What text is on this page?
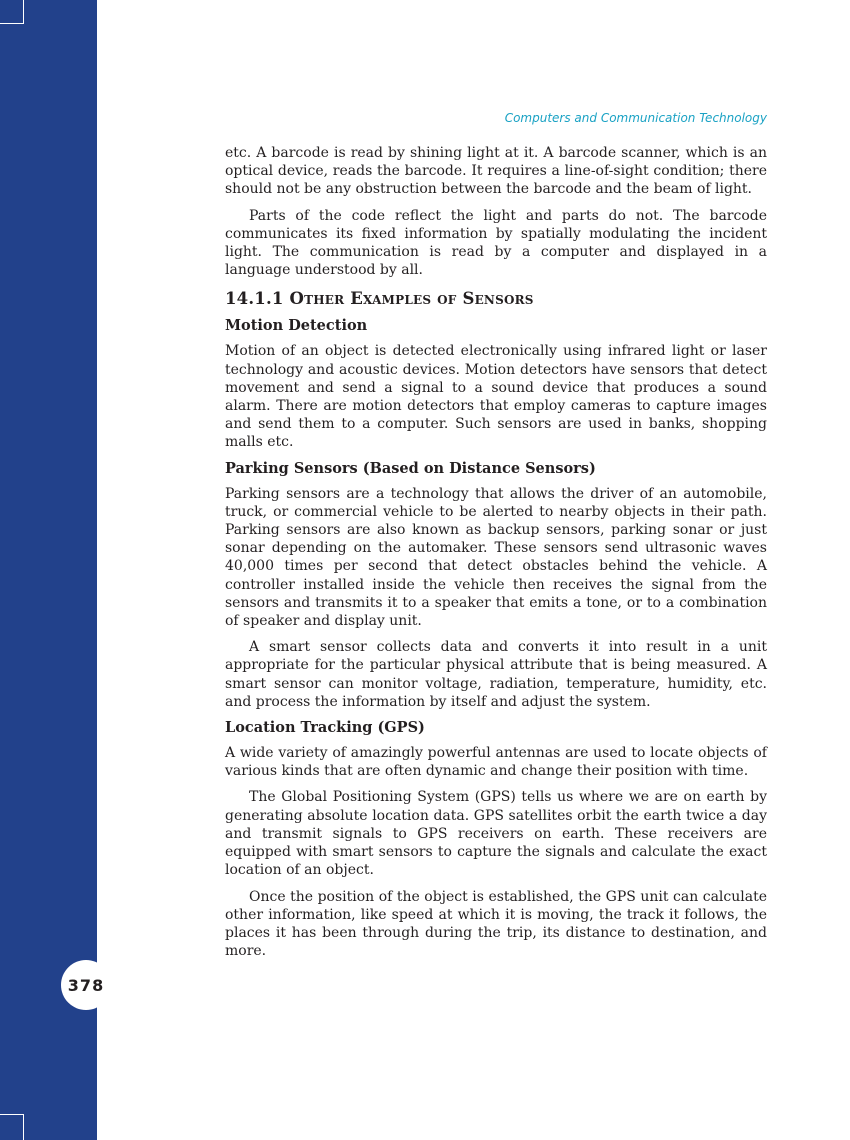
378
Computers and Communication Technology

etc. A barcode is read by shining light at it. A barcode scanner, which is an optical device, reads the barcode. It requires a line-of-sight condition; there should not be any obstruction between the barcode and the beam of light.

Parts of the code reflect the light and parts do not. The barcode communicates its fixed information by spatially modulating the incident light. The communication is read by a computer and displayed in a language understood by all.

14.1.1 Other Examples of Sensors
Motion Detection

Motion of an object is detected electronically using infrared light or laser technology and acoustic devices. Motion detectors have sensors that detect movement and send a signal to a sound device that produces a sound alarm. There are motion detectors that employ cameras to capture images and send them to a computer. Such sensors are used in banks, shopping malls etc.

Parking Sensors (Based on Distance Sensors)

Parking sensors are a technology that allows the driver of an automobile, truck, or commercial vehicle to be alerted to nearby objects in their path. Parking sensors are also known as backup sensors, parking sonar or just sonar depending on the automaker. These sensors send ultrasonic waves 40,000 times per second that detect obstacles behind the vehicle. A controller installed inside the vehicle then receives the signal from the sensors and transmits it to a speaker that emits a tone, or to a combination of speaker and display unit.

A smart sensor collects data and converts it into result in a unit appropriate for the particular physical attribute that is being measured. A smart sensor can monitor voltage, radiation, temperature, humidity, etc. and process the information by itself and adjust the system.

Location Tracking (GPS)

A wide variety of amazingly powerful antennas are used to locate objects of various kinds that are often dynamic and change their position with time.

The Global Positioning System (GPS) tells us where we are on earth by generating absolute location data. GPS satellites orbit the earth twice a day and transmit signals to GPS receivers on earth. These receivers are equipped with smart sensors to capture the signals and calculate the exact location of an object.

Once the position of the object is established, the GPS unit can calculate other information, like speed at which it is moving, the track it follows, the places it has been through during the trip, its distance to destination, and more.
